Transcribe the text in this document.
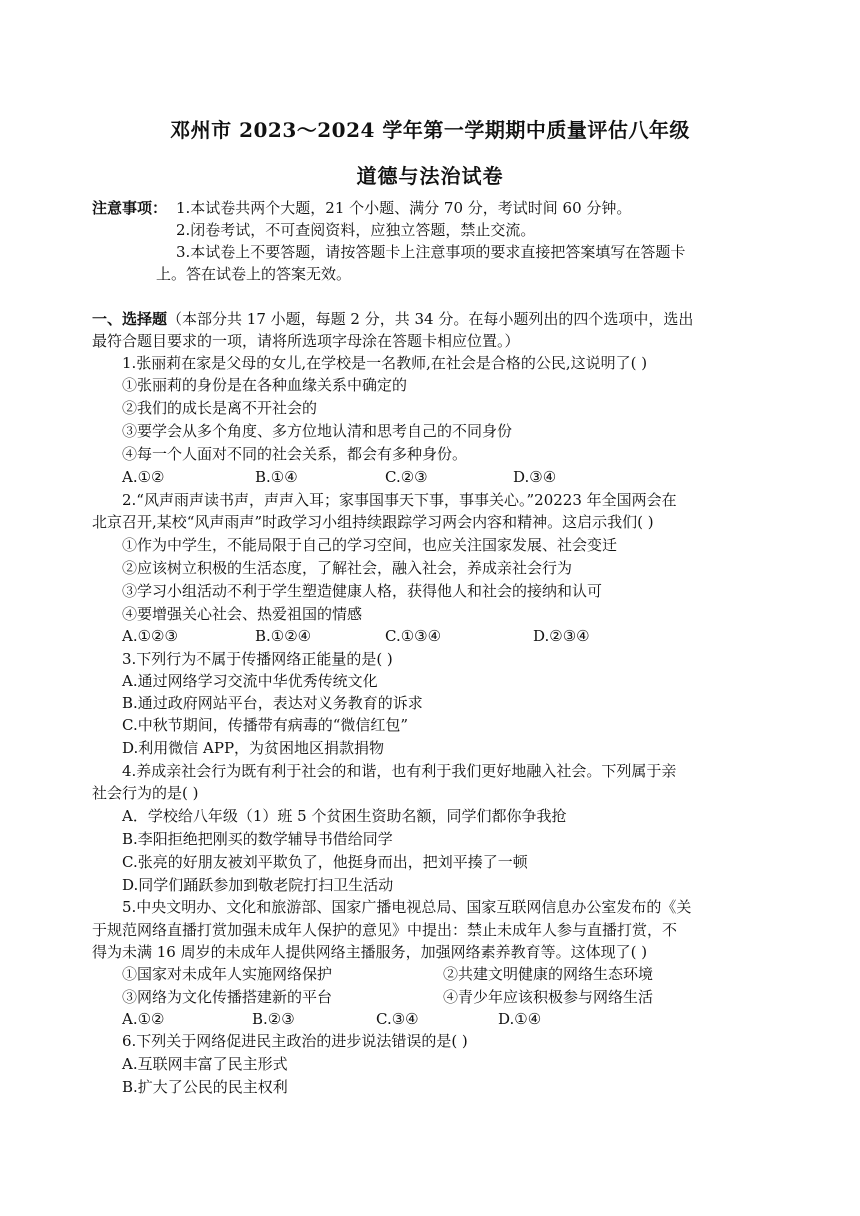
邓州市 2023～2024 学年第一学期期中质量评估八年级
道德与法治试卷
注意事项： 1.本试卷共两个大题，21 个小题、满分 70 分，考试时间 60 分钟。
2.闭卷考试，不可查阅资料，应独立答题，禁止交流。
3.本试卷上不要答题，请按答题卡上注意事项的要求直接把答案填写在答题卡
上。答在试卷上的答案无效。
一、选择题（本部分共 17 小题，每题 2 分，共 34 分。在每小题列出的四个选项中，选出
最符合题目要求的一项，请将所选项字母涂在答题卡相应位置。）
1.张丽莉在家是父母的女儿,在学校是一名教师,在社会是合格的公民,这说明了( )
①张丽莉的身份是在各种血缘关系中确定的
②我们的成长是离不开社会的
③要学会从多个角度、多方位地认清和思考自己的不同身份
④每一个人面对不同的社会关系，都会有多种身份。
A.①②	B.①④	C.②③	D.③④
2.“风声雨声读书声，声声入耳；家事国事天下事，事事关心。”20223 年全国两会在
北京召开,某校“风声雨声”时政学习小组持续跟踪学习两会内容和精神。这启示我们( )
①作为中学生，不能局限于自己的学习空间，也应关注国家发展、社会变迁
②应该树立积极的生活态度，了解社会，融入社会，养成亲社会行为
③学习小组活动不利于学生塑造健康人格，获得他人和社会的接纳和认可
④要增强关心社会、热爱祖国的情感
A.①②③	B.①②④	C.①③④	D.②③④
3.下列行为不属于传播网络正能量的是( )
A.通过网络学习交流中华优秀传统文化
B.通过政府网站平台，表达对义务教育的诉求
C.中秋节期间，传播带有病毒的“微信红包”
D.利用微信 APP，为贫困地区捐款捐物
4.养成亲社会行为既有利于社会的和谐，也有利于我们更好地融入社会。下列属于亲
社会行为的是( )
A．学校给八年级（1）班 5 个贫困生资助名额，同学们都你争我抢
B.李阳拒绝把刚买的数学辅导书借给同学
C.张亮的好朋友被刘平欺负了，他挺身而出，把刘平揍了一顿
D.同学们踊跃参加到敬老院打扫卫生活动
5.中央文明办、文化和旅游部、国家广播电视总局、国家互联网信息办公室发布的《关
于规范网络直播打赏加强未成年人保护的意见》中提出：禁止未成年人参与直播打赏，不
得为未满 16 周岁的未成年人提供网络主播服务，加强网络素养教育等。这体现了( )
①国家对未成年人实施网络保护	②共建文明健康的网络生态环境
③网络为文化传播搭建新的平台	④青少年应该积极参与网络生活
A.①②	B.②③	C.③④	D.①④
6.下列关于网络促进民主政治的进步说法错误的是( )
A.互联网丰富了民主形式
B.扩大了公民的民主权利
